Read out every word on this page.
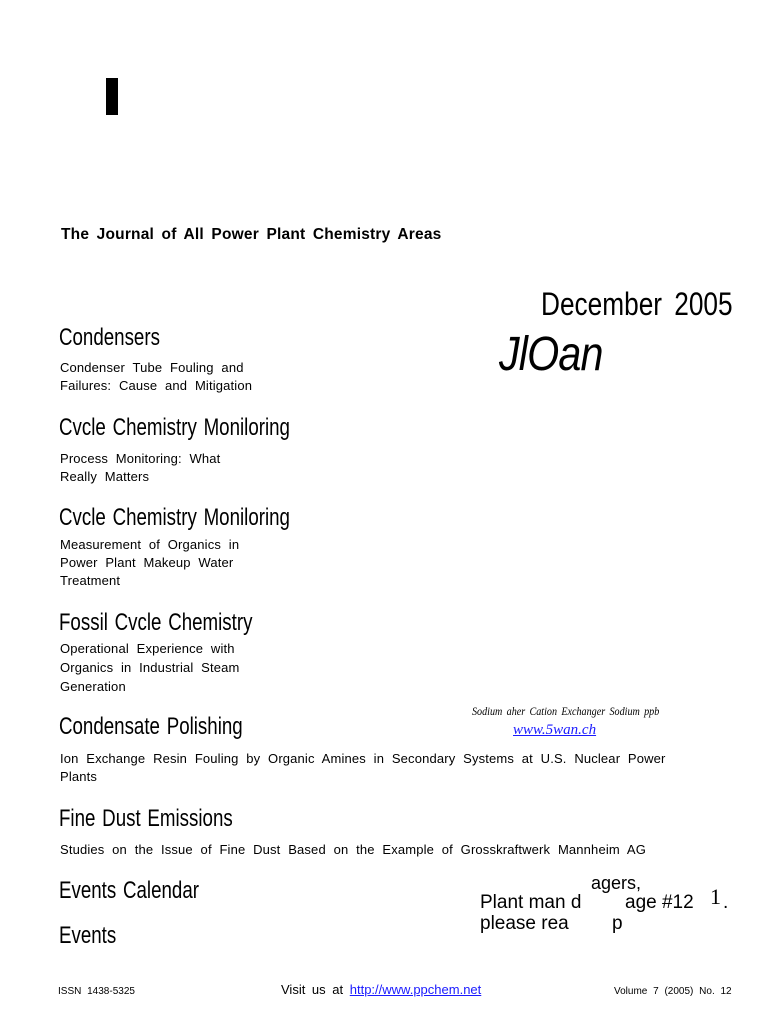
The Journal of All Power Plant Chemistry Areas
December 2005
JlOan
Condensers
Condenser Tube Fouling and
Failures: Cause and Mitigation
Cvcle Chemistry Moniloring
Process Monitoring: What
Really Matters
Cvcle Chemistry Moniloring
Measurement of Organics in
Power Plant Makeup Water
Treatment
Fossil Cvcle Chemistry
Operational Experience with
Organics in Industrial Steam
Generation
Sodium aher Cation Exchanger Sodium ppb
www.5wan.ch
Condensate Polishing
Ion Exchange Resin Fouling by Organic Amines in Secondary Systems at U.S. Nuclear Power
Plants
Fine Dust Emissions
Studies on the Issue of Fine Dust Based on the Example of Grosskraftwerk Mannheim AG
Events Calendar
Events
agers,
Plant man d age #12 1 .
please rea p
ISSN 1438-5325	Visit us at http://www.ppchem.net	Volume 7 (2005) No. 12
